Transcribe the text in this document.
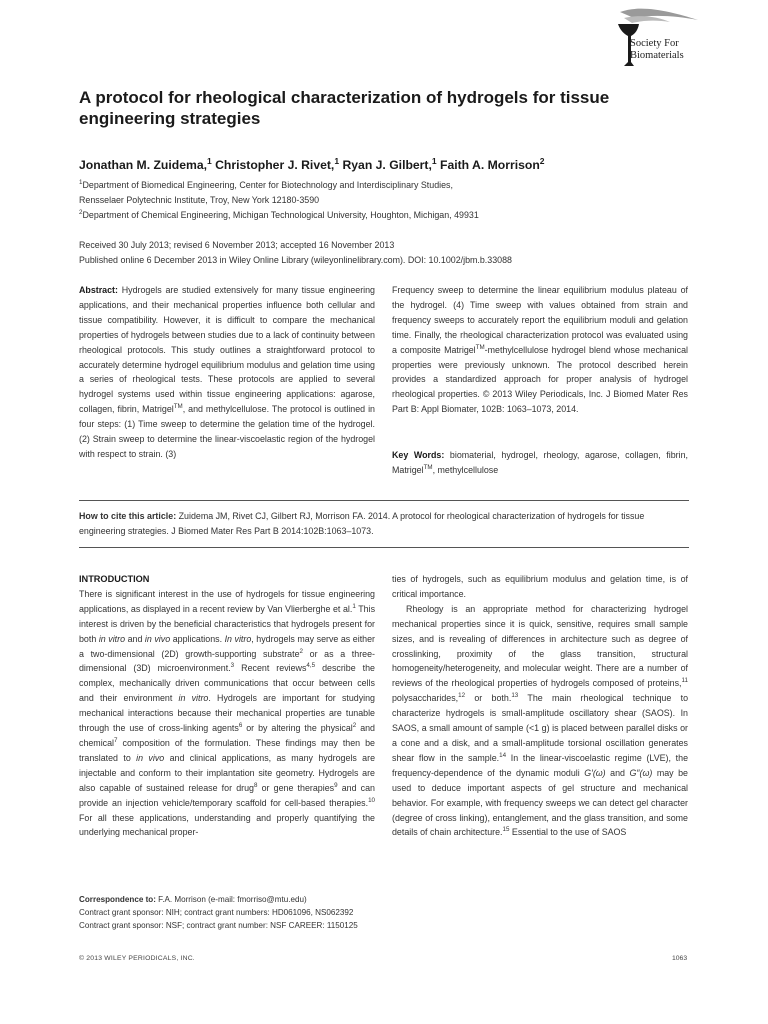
Society For
Biomaterials
A protocol for rheological characterization of hydrogels for tissue engineering strategies
Jonathan M. Zuidema,$^1$ Christopher J. Rivet,$^1$ Ryan J. Gilbert,$^1$ Faith A. Morrison$^2$
$^1$Department of Biomedical Engineering, Center for Biotechnology and Interdisciplinary Studies,
Rensselaer Polytechnic Institute, Troy, New York 12180-3590
$^2$Department of Chemical Engineering, Michigan Technological University, Houghton, Michigan, 49931
Received 30 July 2013; revised 6 November 2013; accepted 16 November 2013
Published online 6 December 2013 in Wiley Online Library (wileyonlinelibrary.com). DOI: 10.1002/jbm.b.33088
Abstract: Hydrogels are studied extensively for many tissue engineering applications, and their mechanical properties influence both cellular and tissue compatibility. However, it is difficult to compare the mechanical properties of hydrogels between studies due to a lack of continuity between rheological protocols. This study outlines a straightforward protocol to accurately determine hydrogel equilibrium modulus and gelation time using a series of rheological tests. These protocols are applied to several hydrogel systems used within tissue engineering applications: agarose, collagen, fibrin, Matrigel™, and methylcellulose. The protocol is outlined in four steps: (1) Time sweep to determine the gelation time of the hydrogel. (2) Strain sweep to determine the linear-viscoelastic region of the hydrogel with respect to strain. (3)
Frequency sweep to determine the linear equilibrium modulus plateau of the hydrogel. (4) Time sweep with values obtained from strain and frequency sweeps to accurately report the equilibrium moduli and gelation time. Finally, the rheological characterization protocol was evaluated using a composite Matrigel™-methylcellulose hydrogel blend whose mechanical properties were previously unknown. The protocol described herein provides a standardized approach for proper analysis of hydrogel rheological properties. © 2013 Wiley Periodicals, Inc. J Biomed Mater Res Part B: Appl Biomater, 102B: 1063–1073, 2014.
Key Words: biomaterial, hydrogel, rheology, agarose, collagen, fibrin, Matrigel™, methylcellulose
How to cite this article: Zuidema JM, Rivet CJ, Gilbert RJ, Morrison FA. 2014. A protocol for rheological characterization of hydrogels for tissue engineering strategies. J Biomed Mater Res Part B 2014:102B:1063–1073.
INTRODUCTION
There is significant interest in the use of hydrogels for tissue engineering applications, as displayed in a recent review by Van Vlierberghe et al.$^1$ This interest is driven by the beneficial characteristics that hydrogels present for both in vitro and in vivo applications. In vitro, hydrogels may serve as either a two-dimensional (2D) growth-supporting substrate$^2$ or as a three-dimensional (3D) microenvironment.$^3$ Recent reviews$^{4,5}$ describe the complex, mechanically driven communications that occur between cells and their environment in vitro. Hydrogels are important for studying mechanical interactions because their mechanical properties are tunable through the use of cross-linking agents$^6$ or by altering the physical$^2$ and chemical$^7$ composition of the formulation. These findings may then be translated to in vivo and clinical applications, as many hydrogels are injectable and conform to their implantation site geometry. Hydrogels are also capable of sustained release for drug$^8$ or gene therapies$^9$ and can provide an injection vehicle/temporary scaffold for cell-based therapies.$^{10}$ For all these applications, understanding and properly quantifying the underlying mechanical proper-
ties of hydrogels, such as equilibrium modulus and gelation time, is of critical importance.
Rheology is an appropriate method for characterizing hydrogel mechanical properties since it is quick, sensitive, requires small sample sizes, and is revealing of differences in architecture such as degree of crosslinking, proximity of the glass transition, structural homogeneity/heterogeneity, and molecular weight. There are a number of reviews of the rheological properties of hydrogels composed of proteins,$^{11}$ polysaccharides,$^{12}$ or both.$^{13}$ The main rheological technique to characterize hydrogels is small-amplitude oscillatory shear (SAOS). In SAOS, a small amount of sample (<1 g) is placed between parallel disks or a cone and a disk, and a small-amplitude torsional oscillation generates shear flow in the sample.$^{14}$ In the linear-viscoelastic regime (LVE), the frequency-dependence of the dynamic moduli G′(ω) and G″(ω) may be used to deduce important aspects of gel structure and mechanical behavior. For example, with frequency sweeps we can detect gel character (degree of cross linking), entanglement, and the glass transition, and some details of chain architecture.$^{15}$ Essential to the use of SAOS
Correspondence to: F.A. Morrison (e-mail: fmorriso@mtu.edu)
Contract grant sponsor: NIH; contract grant numbers: HD061096, NS062392
Contract grant sponsor: NSF; contract grant number: NSF CAREER: 1150125
© 2013 WILEY PERIODICALS, INC.	1063
